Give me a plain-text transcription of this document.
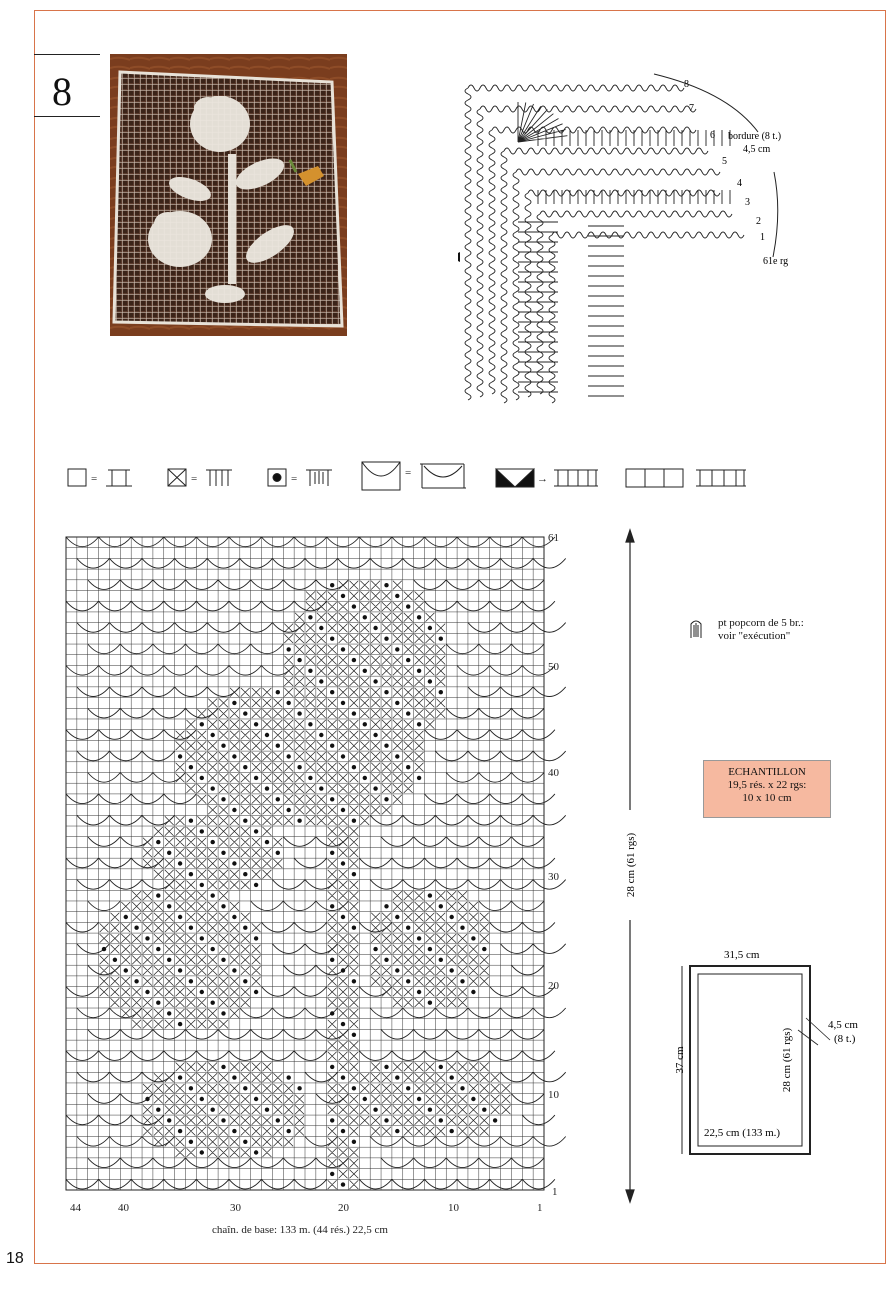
18
8	8
7
6
5
4
3
2
1
bordure (8 t.)
4,5 cm
61e rg
=	=	=	=	→
61
50
40
30
20
10
1
44	40	30	20	10	1
chaîn. de base: 133 m. (44 rés.) 22,5 cm
28 cm (61 rgs)
31,5 cm
37 cm	28 cm (61 rgs)
22,5 cm (133 m.)
4,5 cm
(8 t.)
pt popcorn de 5 br.:
voir "exécution"
ECHANTILLON
19,5 rés. x 22 rgs:
10 x 10 cm
